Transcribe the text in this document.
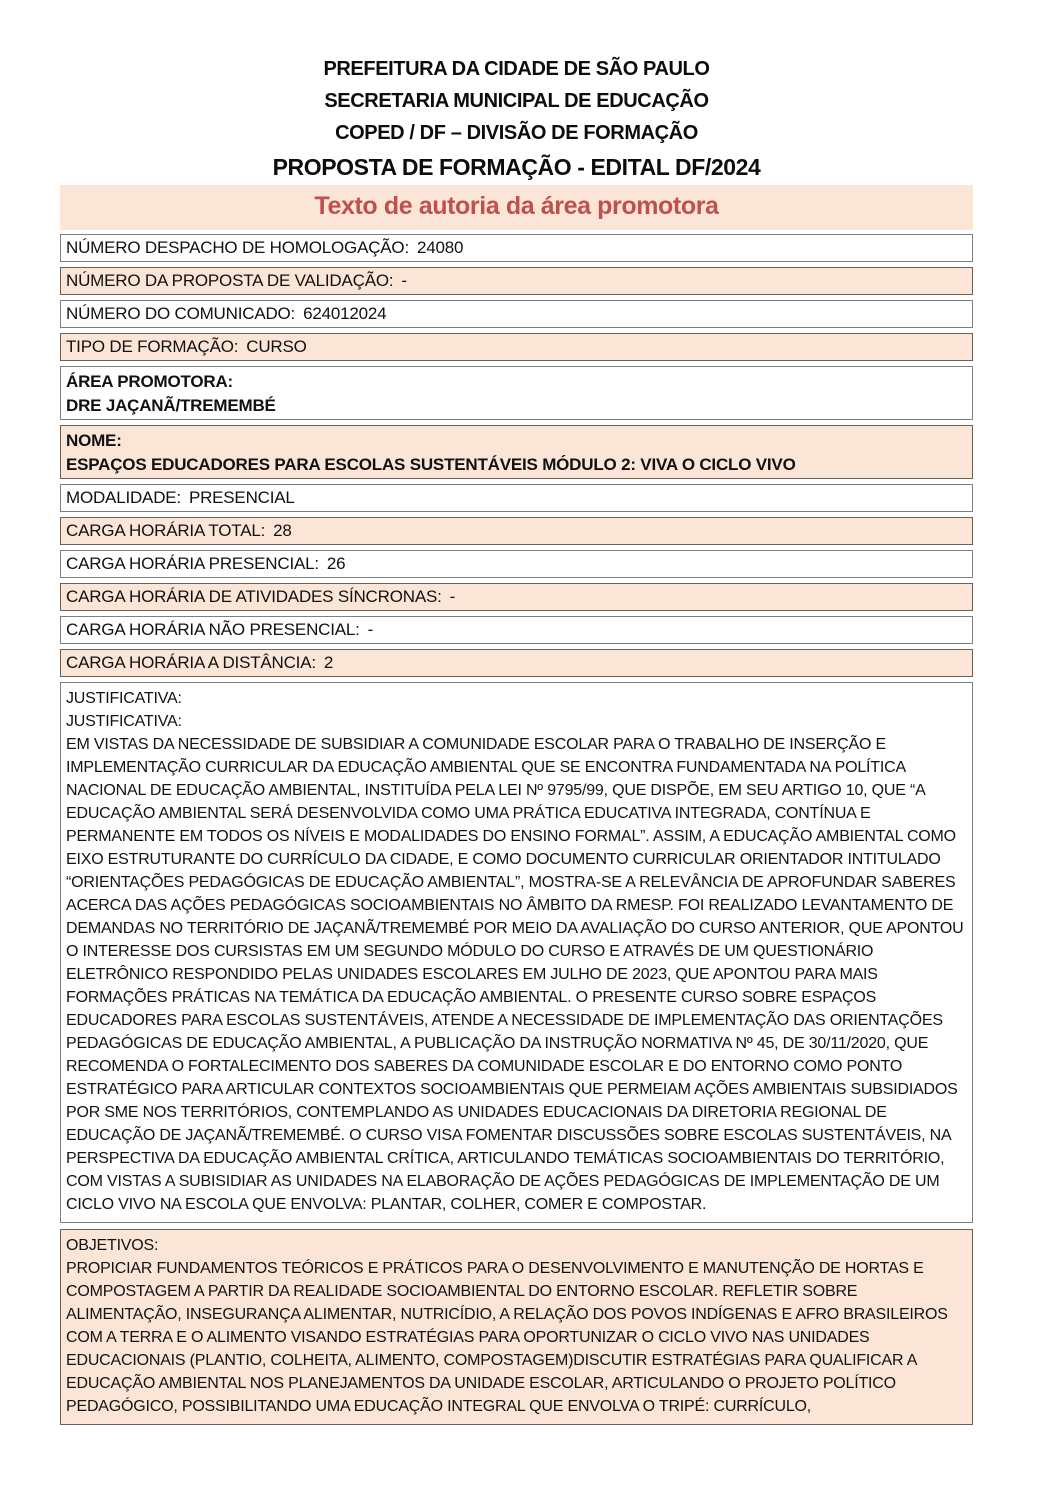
PREFEITURA DA CIDADE DE SÃO PAULO
SECRETARIA MUNICIPAL DE EDUCAÇÃO
COPED / DF – DIVISÃO DE FORMAÇÃO
PROPOSTA DE FORMAÇÃO - EDITAL DF/2024
Texto de autoria da área promotora
NÚMERO DESPACHO DE HOMOLOGAÇÃO: 24080
NÚMERO DA PROPOSTA DE VALIDAÇÃO: -
NÚMERO DO COMUNICADO: 624012024
TIPO DE FORMAÇÃO: CURSO
ÁREA PROMOTORA:
DRE JAÇANÃ/TREMEMBÉ
NOME:
ESPAÇOS EDUCADORES PARA ESCOLAS SUSTENTÁVEIS MÓDULO 2: VIVA O CICLO VIVO
MODALIDADE: PRESENCIAL
CARGA HORÁRIA TOTAL: 28
CARGA HORÁRIA PRESENCIAL: 26
CARGA HORÁRIA DE ATIVIDADES SÍNCRONAS: -
CARGA HORÁRIA NÃO PRESENCIAL: -
CARGA HORÁRIA A DISTÂNCIA: 2
JUSTIFICATIVA:
JUSTIFICATIVA:

EM VISTAS DA NECESSIDADE DE SUBSIDIAR A COMUNIDADE ESCOLAR PARA O TRABALHO DE INSERÇÃO E IMPLEMENTAÇÃO CURRICULAR DA EDUCAÇÃO AMBIENTAL QUE SE ENCONTRA FUNDAMENTADA NA POLÍTICA NACIONAL DE EDUCAÇÃO AMBIENTAL, INSTITUÍDA PELA LEI Nº 9795/99, QUE DISPÕE, EM SEU ARTIGO 10, QUE “A EDUCAÇÃO AMBIENTAL SERÁ DESENVOLVIDA COMO UMA PRÁTICA EDUCATIVA INTEGRADA, CONTÍNUA E PERMANENTE EM TODOS OS NÍVEIS E MODALIDADES DO ENSINO FORMAL”. ASSIM, A EDUCAÇÃO AMBIENTAL COMO EIXO ESTRUTURANTE DO CURRÍCULO DA CIDADE, E COMO DOCUMENTO CURRICULAR ORIENTADOR INTITULADO “ORIENTAÇÕES PEDAGÓGICAS DE EDUCAÇÃO AMBIENTAL”, MOSTRA-SE A RELEVÂNCIA DE APROFUNDAR SABERES ACERCA DAS AÇÕES PEDAGÓGICAS SOCIOAMBIENTAIS NO ÂMBITO DA RMESP. FOI REALIZADO LEVANTAMENTO DE DEMANDAS NO TERRITÓRIO DE JAÇANÃ/TREMEMBÉ POR MEIO DA AVALIAÇÃO DO CURSO ANTERIOR, QUE APONTOU O INTERESSE DOS CURSISTAS EM UM SEGUNDO MÓDULO DO CURSO E ATRAVÉS DE UM QUESTIONÁRIO ELETRÔNICO RESPONDIDO PELAS UNIDADES ESCOLARES EM JULHO DE 2023, QUE APONTOU PARA MAIS FORMAÇÕES PRÁTICAS NA TEMÁTICA DA EDUCAÇÃO AMBIENTAL. O PRESENTE CURSO SOBRE ESPAÇOS EDUCADORES PARA ESCOLAS SUSTENTÁVEIS, ATENDE A NECESSIDADE DE IMPLEMENTAÇÃO DAS ORIENTAÇÕES PEDAGÓGICAS DE EDUCAÇÃO AMBIENTAL, A PUBLICAÇÃO DA INSTRUÇÃO NORMATIVA Nº 45, DE 30/11/2020, QUE RECOMENDA O FORTALECIMENTO DOS SABERES DA COMUNIDADE ESCOLAR E DO ENTORNO COMO PONTO ESTRATÉGICO PARA ARTICULAR CONTEXTOS SOCIOAMBIENTAIS QUE PERMEIAM AÇÕES AMBIENTAIS SUBSIDIADOS POR SME NOS TERRITÓRIOS, CONTEMPLANDO AS UNIDADES EDUCACIONAIS DA DIRETORIA REGIONAL DE EDUCAÇÃO DE JAÇANÃ/TREMEMBÉ. O CURSO VISA FOMENTAR DISCUSSÕES SOBRE ESCOLAS SUSTENTÁVEIS, NA PERSPECTIVA DA EDUCAÇÃO AMBIENTAL CRÍTICA, ARTICULANDO TEMÁTICAS SOCIOAMBIENTAIS DO TERRITÓRIO, COM VISTAS A SUBISIDIAR AS UNIDADES NA ELABORAÇÃO DE AÇÕES PEDAGÓGICAS DE IMPLEMENTAÇÃO DE UM CICLO VIVO NA ESCOLA QUE ENVOLVA: PLANTAR, COLHER, COMER E COMPOSTAR.

OBJETIVOS:

PROPICIAR FUNDAMENTOS TEÓRICOS E PRÁTICOS PARA O DESENVOLVIMENTO E MANUTENÇÃO DE HORTAS E COMPOSTAGEM A PARTIR DA REALIDADE SOCIOAMBIENTAL DO ENTORNO ESCOLAR. REFLETIR SOBRE ALIMENTAÇÃO, INSEGURANÇA ALIMENTAR, NUTRICÍDIO, A RELAÇÃO DOS POVOS INDÍGENAS E AFRO BRASILEIROS COM A TERRA E O ALIMENTO VISANDO ESTRATÉGIAS PARA OPORTUNIZAR O CICLO VIVO NAS UNIDADES EDUCACIONAIS (PLANTIO, COLHEITA, ALIMENTO, COMPOSTAGEM)DISCUTIR ESTRATÉGIAS PARA QUALIFICAR A EDUCAÇÃO AMBIENTAL NOS PLANEJAMENTOS DA UNIDADE ESCOLAR, ARTICULANDO O PROJETO POLÍTICO PEDAGÓGICO, POSSIBILITANDO UMA EDUCAÇÃO INTEGRAL QUE ENVOLVA O TRIPÉ: CURRÍCULO,
